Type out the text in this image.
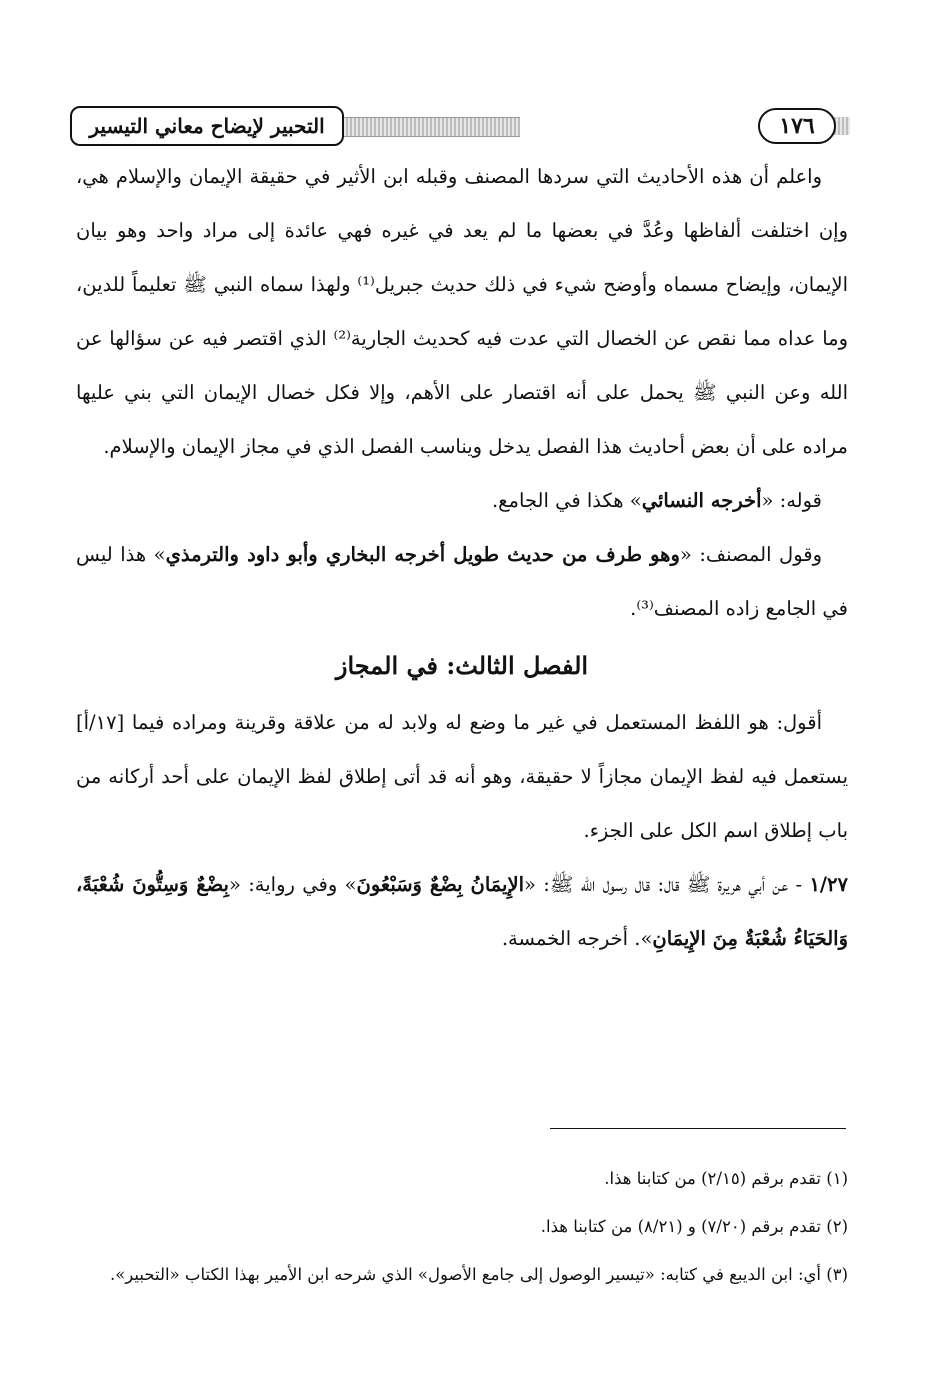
التحبير لإيضاح معاني التيسير	١٧٦

واعلم أن هذه الأحاديث التي سردها المصنف وقبله ابن الأثير في حقيقة الإيمان والإسلام هي، وإن اختلفت ألفاظها وعُدَّ في بعضها ما لم يعد في غيره فهي عائدة إلى مراد واحد وهو بيان الإيمان، وإيضاح مسماه وأوضح شيء في ذلك حديث جبريل⁽¹⁾ ولهذا سماه النبي ﷺ تعليماً للدين، وما عداه مما نقص عن الخصال التي عدت فيه كحديث الجارية⁽²⁾ الذي اقتصر فيه عن سؤالها عن الله وعن النبي ﷺ يحمل على أنه اقتصار على الأهم، وإلا فكل خصال الإيمان التي بني عليها مراده على أن بعض أحاديث هذا الفصل يدخل ويناسب الفصل الذي في مجاز الإيمان والإسلام.

قوله: «أخرجه النسائي» هكذا في الجامع.

وقول المصنف: «وهو طرف من حديث طويل أخرجه البخاري وأبو داود والترمذي» هذا ليس في الجامع زاده المصنف⁽³⁾.

الفصل الثالث: في المجاز

أقول: هو اللفظ المستعمل في غير ما وضع له ولابد له من علاقة وقرينة ومراده فيما [١٧/أ] يستعمل فيه لفظ الإيمان مجازاً لا حقيقة، وهو أنه قد أتى إطلاق لفظ الإيمان على أحد أركانه من باب إطلاق اسم الكل على الجزء.

١/٢٧ - عن أبي هريرة ﷺ قال: قال رسول الله ﷺ: «الإِيمَانُ بِضْعٌ وَسَبْعُونَ» وفي رواية: «بِضْعٌ وَسِتُّونَ شُعْبَةً، وَالحَيَاءُ شُعْبَةٌ مِنَ الإِيمَانِ». أخرجه الخمسة.

(١) تقدم برقم (٢/١٥) من كتابنا هذا.

(٢) تقدم برقم (٧/٢٠) و (٨/٢١) من كتابنا هذا.

(٣) أي: ابن الديبع في كتابه: «تيسير الوصول إلى جامع الأصول» الذي شرحه ابن الأمير بهذا الكتاب «التحبير».
